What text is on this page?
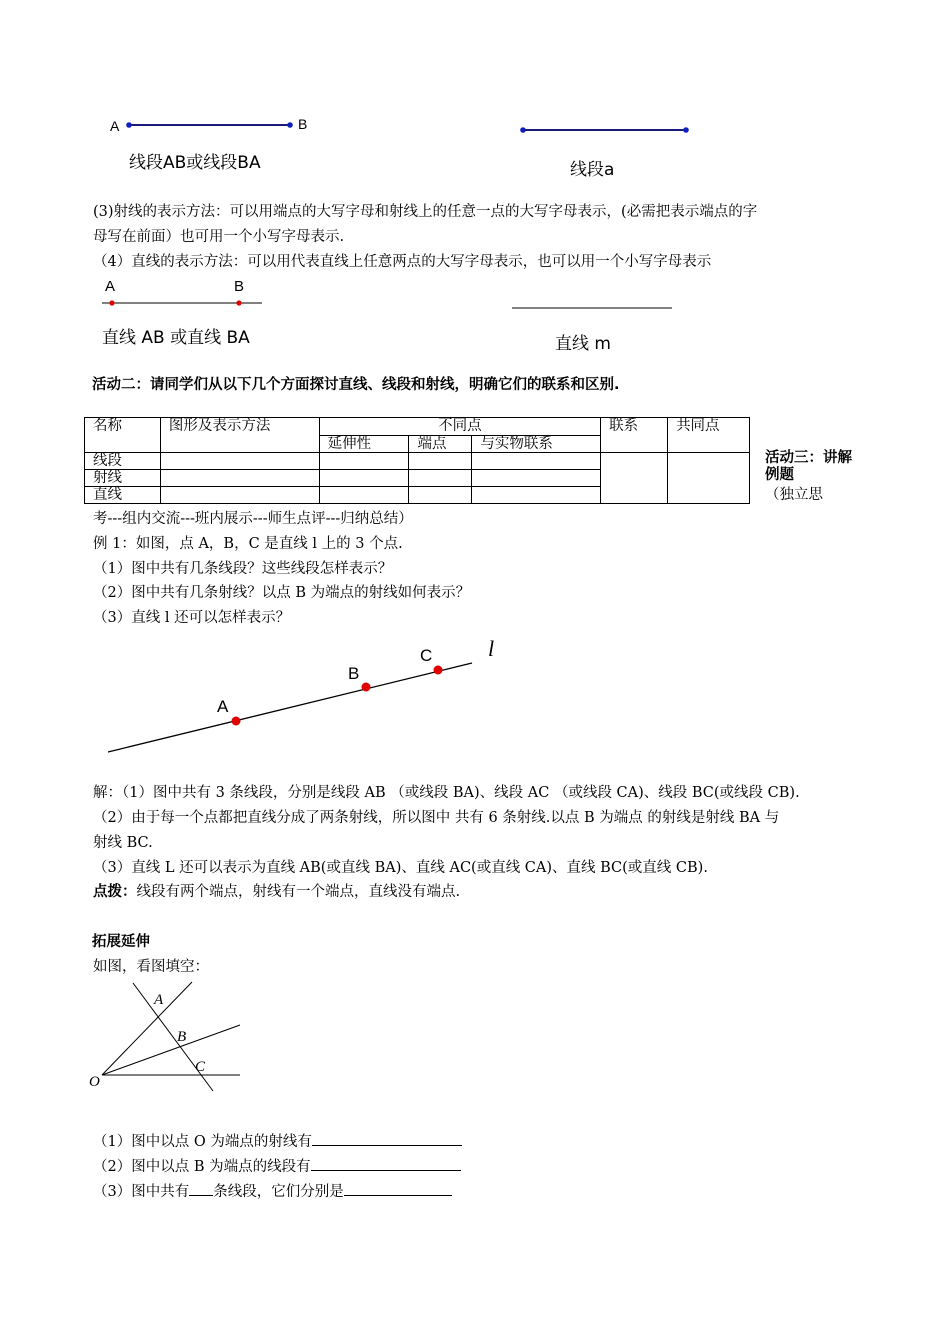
A	B
线段AB或线段BA	线段a
(3)射线的表示方法：可以用端点的大写字母和射线上的任意一点的大写字母表示，(必需把表示端点的字
母写在前面）也可用一个小写字母表示.
（4）直线的表示方法：可以用代表直线上任意两点的大写字母表示，也可以用一个小写字母表示
A	B
直线 AB 或直线 BA	直线 m
活动二：请同学们从以下几个方面探讨直线、线段和射线，明确它们的联系和区别.
名称	图形及表示方法	不同点			联系	共同点
		延伸性	端点	与实物联系		
线段						
射线						
直线						
活动三：讲解例题
（独立思
考---组内交流---班内展示---师生点评---归纳总结）
例 1：如图，点 A，B，C 是直线 l 上的 3 个点.
（1）图中共有几条线段？这些线段怎样表示？
（2）图中共有几条射线？以点 B 为端点的射线如何表示？
（3）直线 l 还可以怎样表示？
A
B
C	l
解：（1）图中共有 3 条线段，分别是线段 AB （或线段 BA)、线段 AC （或线段 CA)、线段 BC(或线段 CB).
（2）由于每一个点都把直线分成了两条射线，所以图中 共有 6 条射线.以点 B 为端点 的射线是射线 BA 与
射线 BC.
（3）直线 L 还可以表示为直线 AB(或直线 BA)、直线 AC(或直线 CA)、直线 BC(或直线 CB).
点拨：线段有两个端点，射线有一个端点，直线没有端点.
拓展延伸
如图，看图填空：
A
B
C
O
（1）图中以点 O 为端点的射线有
（2）图中以点 B 为端点的线段有
（3）图中共有 条线段，它们分别是
